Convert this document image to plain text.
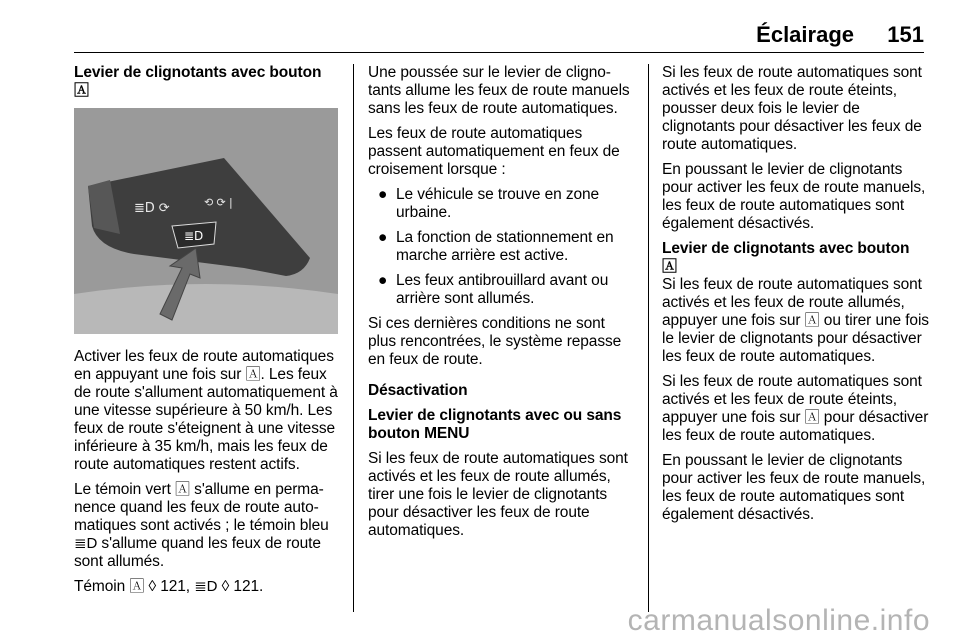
Éclairage 151

Levier de clignotants avec bouton
🄰

≣D ⟳	⟲ ⟳ |
≣D

Activer les feux de route automatiques en appuyant une fois sur 🄰. Les feux de route s'allument automatiquement à une vitesse supérieure à 50 km/h. Les feux de route s'éteignent à une vitesse inférieure à 35 km/h, mais les feux de route automatiques restent actifs.

Le témoin vert 🄰 s'allume en permanence quand les feux de route automatiques sont activés ; le témoin bleu
≣D s'allume quand les feux de route sont allumés.

Témoin 🄰 ◊ 121, ≣D ◊ 121.

Une poussée sur le levier de clignotants allume les feux de route manuels sans les feux de route automatiques.

Les feux de route automatiques passent automatiquement en feux de croisement lorsque :

● Le véhicule se trouve en zone urbaine.
● La fonction de stationnement en marche arrière est active.
● Les feux antibrouillard avant ou arrière sont allumés.

Si ces dernières conditions ne sont plus rencontrées, le système repasse en feux de route.

Désactivation

Levier de clignotants avec ou sans bouton MENU

Si les feux de route automatiques sont activés et les feux de route allumés, tirer une fois le levier de clignotants pour désactiver les feux de route automatiques.

Si les feux de route automatiques sont activés et les feux de route éteints, pousser deux fois le levier de clignotants pour désactiver les feux de route automatiques.

En poussant le levier de clignotants pour activer les feux de route manuels, les feux de route automatiques sont également désactivés.

Levier de clignotants avec bouton
🄰

Si les feux de route automatiques sont activés et les feux de route allumés, appuyer une fois sur 🄰 ou tirer une fois le levier de clignotants pour désactiver les feux de route automatiques.

Si les feux de route automatiques sont activés et les feux de route éteints, appuyer une fois sur 🄰 pour désactiver les feux de route automatiques.

En poussant le levier de clignotants pour activer les feux de route manuels, les feux de route automatiques sont également désactivés.

carmanualsonline.info
